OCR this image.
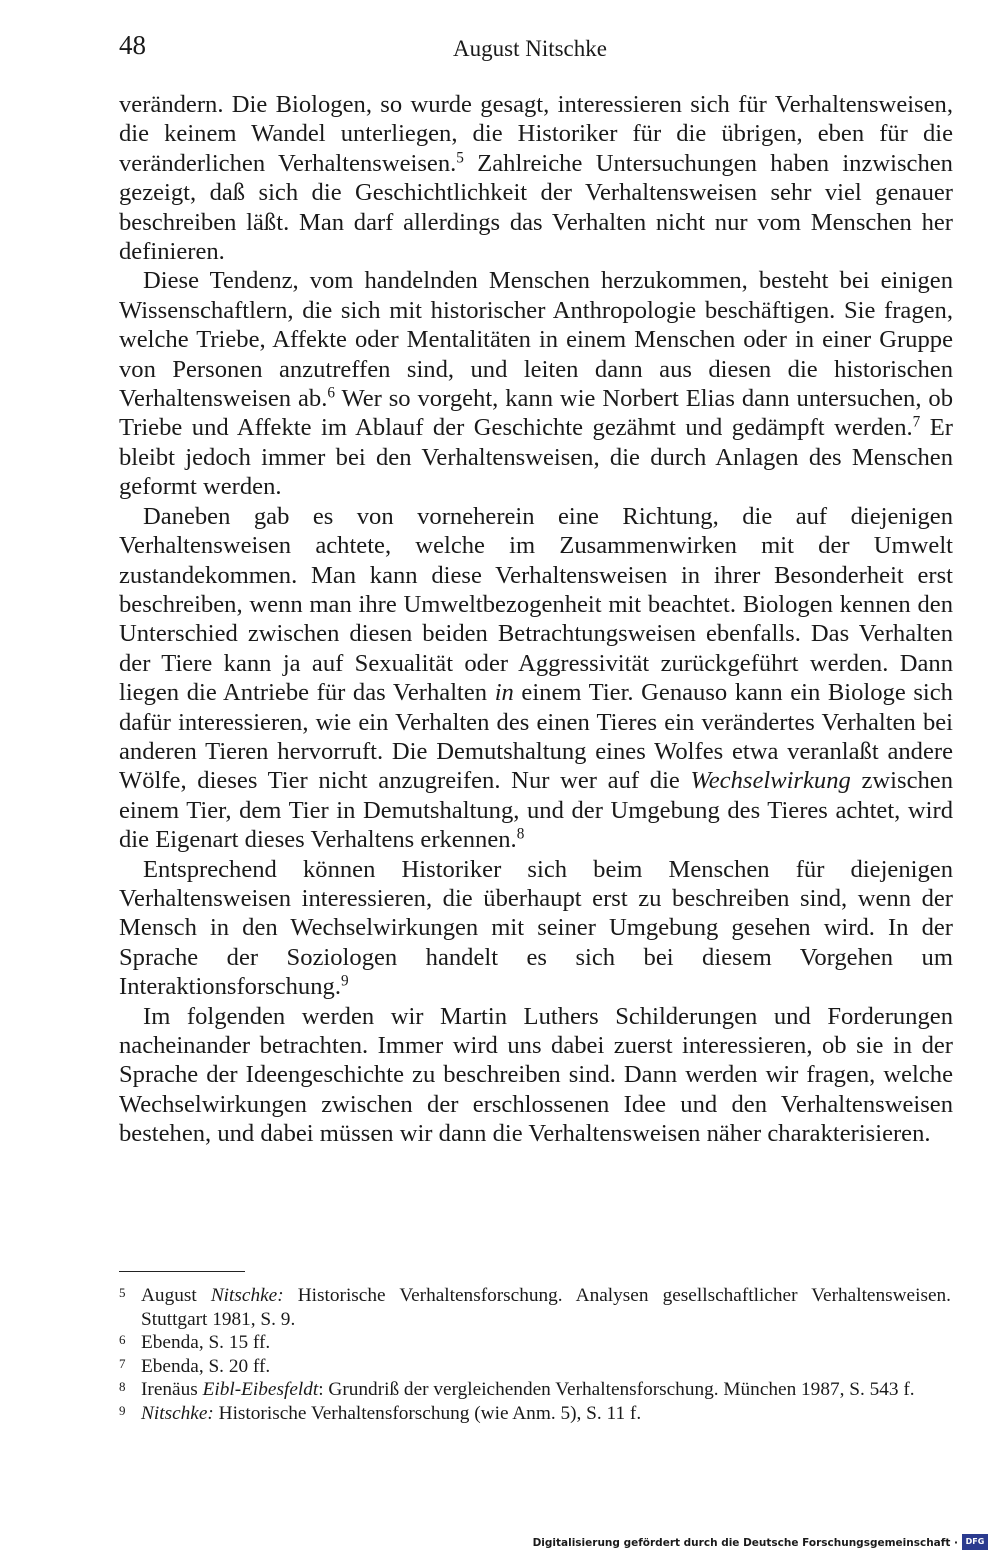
48	August Nitschke

verändern. Die Biologen, so wurde gesagt, interessieren sich für Verhaltensweisen, die keinem Wandel unterliegen, die Historiker für die übrigen, eben für die veränderlichen Verhaltensweisen.$^5$ Zahlreiche Untersuchungen haben inzwischen gezeigt, daß sich die Geschichtlichkeit der Verhaltensweisen sehr viel genauer beschreiben läßt. Man darf allerdings das Verhalten nicht nur vom Menschen her definieren.

Diese Tendenz, vom handelnden Menschen herzukommen, besteht bei einigen Wissenschaftlern, die sich mit historischer Anthropologie beschäftigen. Sie fragen, welche Triebe, Affekte oder Mentalitäten in einem Menschen oder in einer Gruppe von Personen anzutreffen sind, und leiten dann aus diesen die historischen Verhaltensweisen ab.$^6$ Wer so vorgeht, kann wie Norbert Elias dann untersuchen, ob Triebe und Affekte im Ablauf der Geschichte gezähmt und gedämpft werden.$^7$ Er bleibt jedoch immer bei den Verhaltensweisen, die durch Anlagen des Menschen geformt werden.

Daneben gab es von vorneherein eine Richtung, die auf diejenigen Verhaltensweisen achtete, welche im Zusammenwirken mit der Umwelt zustandekommen. Man kann diese Verhaltensweisen in ihrer Besonderheit erst beschreiben, wenn man ihre Umweltbezogenheit mit beachtet. Biologen kennen den Unterschied zwischen diesen beiden Betrachtungsweisen ebenfalls. Das Verhalten der Tiere kann ja auf Sexualität oder Aggressivität zurückgeführt werden. Dann liegen die Antriebe für das Verhalten in einem Tier. Genauso kann ein Biologe sich dafür interessieren, wie ein Verhalten des einen Tieres ein verändertes Verhalten bei anderen Tieren hervorruft. Die Demutshaltung eines Wolfes etwa veranlaßt andere Wölfe, dieses Tier nicht anzugreifen. Nur wer auf die Wechselwirkung zwischen einem Tier, dem Tier in Demutshaltung, und der Umgebung des Tieres achtet, wird die Eigenart dieses Verhaltens erkennen.$^8$

Entsprechend können Historiker sich beim Menschen für diejenigen Verhaltensweisen interessieren, die überhaupt erst zu beschreiben sind, wenn der Mensch in den Wechselwirkungen mit seiner Umgebung gesehen wird. In der Sprache der Soziologen handelt es sich bei diesem Vorgehen um Interaktionsforschung.$^9$

Im folgenden werden wir Martin Luthers Schilderungen und Forderungen nacheinander betrachten. Immer wird uns dabei zuerst interessieren, ob sie in der Sprache der Ideengeschichte zu beschreiben sind. Dann werden wir fragen, welche Wechselwirkungen zwischen der erschlossenen Idee und den Verhaltensweisen bestehen, und dabei müssen wir dann die Verhaltensweisen näher charakterisieren.

5 August Nitschke: Historische Verhaltensforschung. Analysen gesellschaftlicher Verhaltensweisen. Stuttgart 1981, S. 9.

6 Ebenda, S. 15 ff.

7 Ebenda, S. 20 ff.

8 Irenäus Eibl-Eibesfeldt: Grundriß der vergleichenden Verhaltensforschung. München 1987, S. 543 f.

9 Nitschke: Historische Verhaltensforschung (wie Anm. 5), S. 11 f.

Digitalisierung gefördert durch die Deutsche Forschungsgemeinschaft · DFG
